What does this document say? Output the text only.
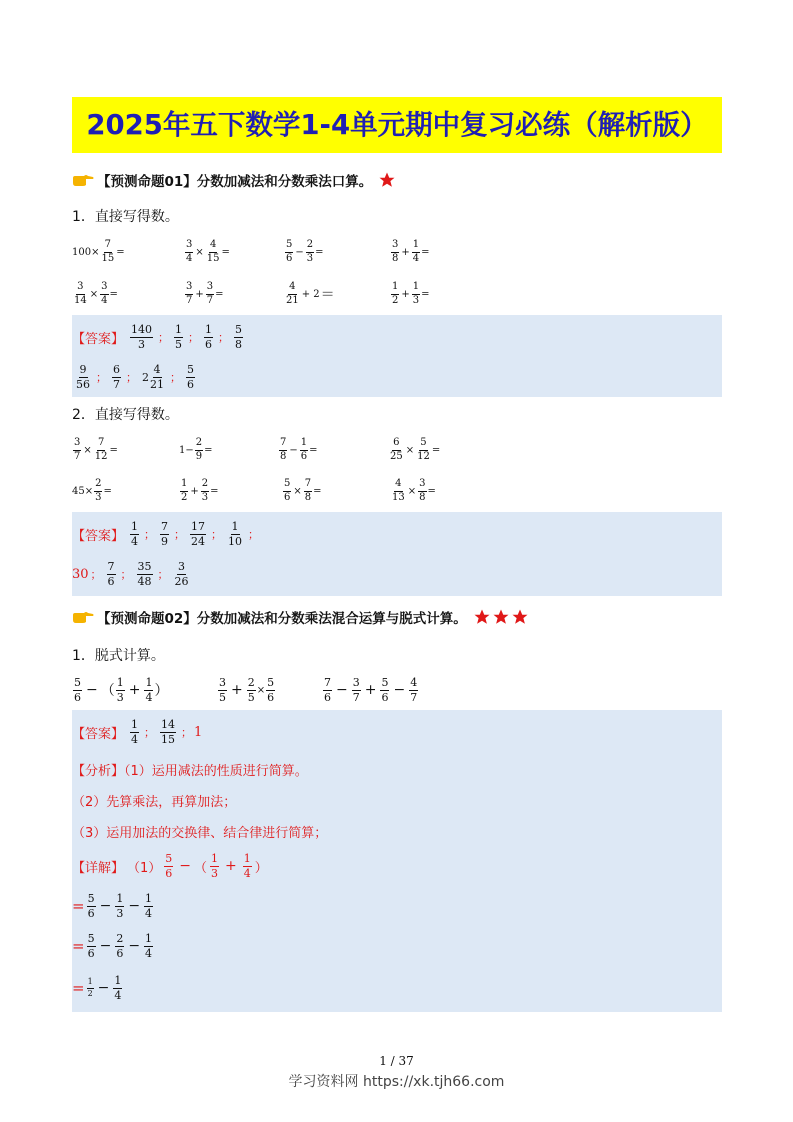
2025年五下数学1-4单元期中复习必练（解析版）
【预测命题01】分数加减法和分数乘法口算。
1．直接写得数。
$100\times \frac{7}{15}$ =	$\frac{3}{4} \times \frac{4}{15}$ =	$\frac{5}{6} - \frac{2}{3}$ =	$\frac{3}{8} + \frac{1}{4}$ =
$\frac{3}{14} \times \frac{3}{4}$ =	$\frac{3}{7} + \frac{3}{7}$ =	$\frac{4}{21} + 2$ ＝	$\frac{1}{2} + \frac{1}{3}$ =
【答案】 $\frac{140}{3}$ ； $\frac{1}{5}$ ； $\frac{1}{6}$ ； $\frac{5}{8}$
$\frac{9}{56}$ ； $\frac{6}{7}$ ； $2 \frac{4}{21}$ ； $\frac{5}{6}$
2．直接写得数。
$\frac{3}{7} \times \frac{7}{12}$ =	$1- \frac{2}{9}$ =	$\frac{7}{8} - \frac{1}{6}$ =	$\frac{6}{25} \times \frac{5}{12}$ =
$45\times \frac{2}{3}$ =	$\frac{1}{2} + \frac{2}{3}$ =	$\frac{5}{6} \times \frac{7}{8}$ =	$\frac{4}{13} \times \frac{3}{8}$ =
【答案】 $\frac{1}{4}$ ； $\frac{7}{9}$ ； $\frac{17}{24}$ ； $\frac{1}{10}$ ；
30 ； $\frac{7}{6}$ ； $\frac{35}{48}$ ； $\frac{3}{26}$
【预测命题02】分数加减法和分数乘法混合运算与脱式计算。
1．脱式计算。
$\frac{5}{6}$ − （ $\frac{1}{3} + \frac{1}{4}$ ）	$\frac{3}{5} + \frac{2}{5} \times \frac{5}{6}$	$\frac{7}{6} - \frac{3}{7} + \frac{5}{6} - \frac{4}{7}$
【答案】 $\frac{1}{4}$ ； $\frac{14}{15}$ ； 1
【分析】（1）运用减法的性质进行简算。
（2）先算乘法，再算加法；
（3）运用加法的交换律、结合律进行简算；
【详解】 $(1) \frac{5}{6}$ − （ $\frac{1}{3} + \frac{1}{4}$ ）
= $\frac{5}{6} - \frac{1}{3} - \frac{1}{4}$
= $\frac{5}{6} - \frac{2}{6} - \frac{1}{4}$
= $\frac{1}{2} - \frac{1}{4}$
1 / 37
学习资料网 https://xk.tjh66.com
